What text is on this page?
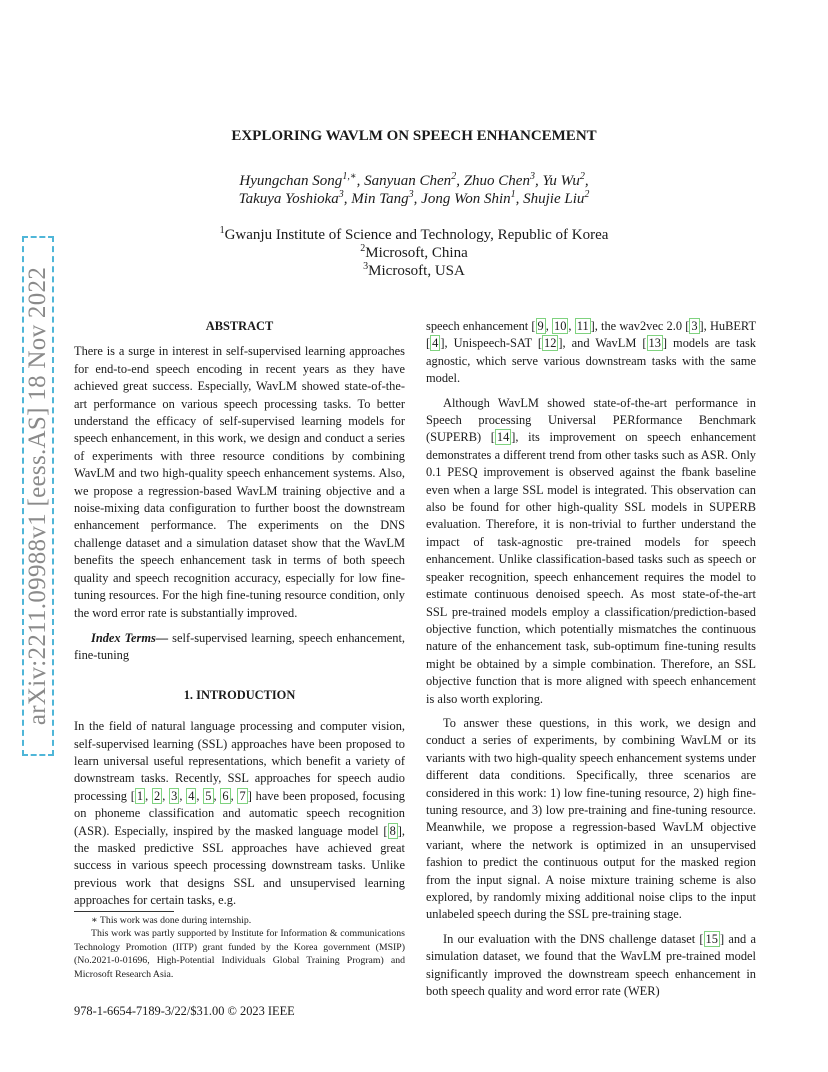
arXiv:2211.09988v1 [eess.AS] 18 Nov 2022
EXPLORING WAVLM ON SPEECH ENHANCEMENT
Hyungchan Song$^{1,∗}$, Sanyuan Chen$^2$, Zhuo Chen$^3$, Yu Wu$^2$,
Takuya Yoshioka$^3$, Min Tang$^3$, Jong Won Shin$^1$, Shujie Liu$^2$
$^1$Gwanju Institute of Science and Technology, Republic of Korea
$^2$Microsoft, China
$^3$Microsoft, USA
ABSTRACT

There is a surge in interest in self-supervised learning approaches for end-to-end speech encoding in recent years as they have achieved great success. Especially, WavLM showed state-of-the-art performance on various speech processing tasks. To better understand the efficacy of self-supervised learning models for speech enhancement, in this work, we design and conduct a series of experiments with three resource conditions by combining WavLM and two high-quality speech enhancement systems. Also, we propose a regression-based WavLM training objective and a noise-mixing data configuration to further boost the downstream enhancement performance. The experiments on the DNS challenge dataset and a simulation dataset show that the WavLM benefits the speech enhancement task in terms of both speech quality and speech recognition accuracy, especially for low fine-tuning resources. For the high fine-tuning resource condition, only the word error rate is substantially improved.

Index Terms— self-supervised learning, speech enhancement, fine-tuning

1. INTRODUCTION

In the field of natural language processing and computer vision, self-supervised learning (SSL) approaches have been proposed to learn universal useful representations, which benefit a variety of downstream tasks. Recently, SSL approaches for speech audio processing [ 1 , 2 , 3 , 4 , 5 , 6 , 7 ] have been proposed, focusing on phoneme classification and automatic speech recognition (ASR). Especially, inspired by the masked language model [ 8 ], the masked predictive SSL approaches have achieved great success in various speech processing downstream tasks. Unlike previous work that designs SSL and unsupervised learning approaches for certain tasks, e.g.

speech enhancement [ 9 , 10 , 11 ], the wav2vec 2.0 [ 3 ], HuBERT [ 4 ], Unispeech-SAT [ 12 ], and WavLM [ 13 ] models are task agnostic, which serve various downstream tasks with the same model.

Although WavLM showed state-of-the-art performance in Speech processing Universal PERformance Benchmark (SUPERB) [ 14 ], its improvement on speech enhancement demonstrates a different trend from other tasks such as ASR. Only 0.1 PESQ improvement is observed against the fbank baseline even when a large SSL model is integrated. This observation can also be found for other high-quality SSL models in SUPERB evaluation. Therefore, it is non-trivial to further understand the impact of task-agnostic pre-trained models for speech enhancement. Unlike classification-based tasks such as speech or speaker recognition, speech enhancement requires the model to estimate continuous denoised speech. As most state-of-the-art SSL pre-trained models employ a classification/prediction-based objective function, which potentially mismatches the continuous nature of the enhancement task, sub-optimum fine-tuning results might be obtained by a simple combination. Therefore, an SSL objective function that is more aligned with speech enhancement is also worth exploring.

To answer these questions, in this work, we design and conduct a series of experiments, by combining WavLM or its variants with two high-quality speech enhancement systems under different data conditions. Specifically, three scenarios are considered in this work: 1) low fine-tuning resource, 2) high fine-tuning resource, and 3) low pre-training and fine-tuning resource. Meanwhile, we propose a regression-based WavLM objective variant, where the network is optimized in an unsupervised fashion to predict the continuous output for the masked region from the input signal. A noise mixture training scheme is also explored, by randomly mixing additional noise clips to the input unlabeled speech during the SSL pre-training stage.

In our evaluation with the DNS challenge dataset [ 15 ] and a simulation dataset, we found that the WavLM pre-trained model significantly improved the downstream speech enhancement in both speech quality and word error rate (WER)

∗ This work was done during internship.

This work was partly supported by Institute for Information & communications Technology Promotion (IITP) grant funded by the Korea government (MSIP) (No.2021-0-01696, High-Potential Individuals Global Training Program) and Microsoft Research Asia.

978-1-6654-7189-3/22/$31.00 © 2023 IEEE
